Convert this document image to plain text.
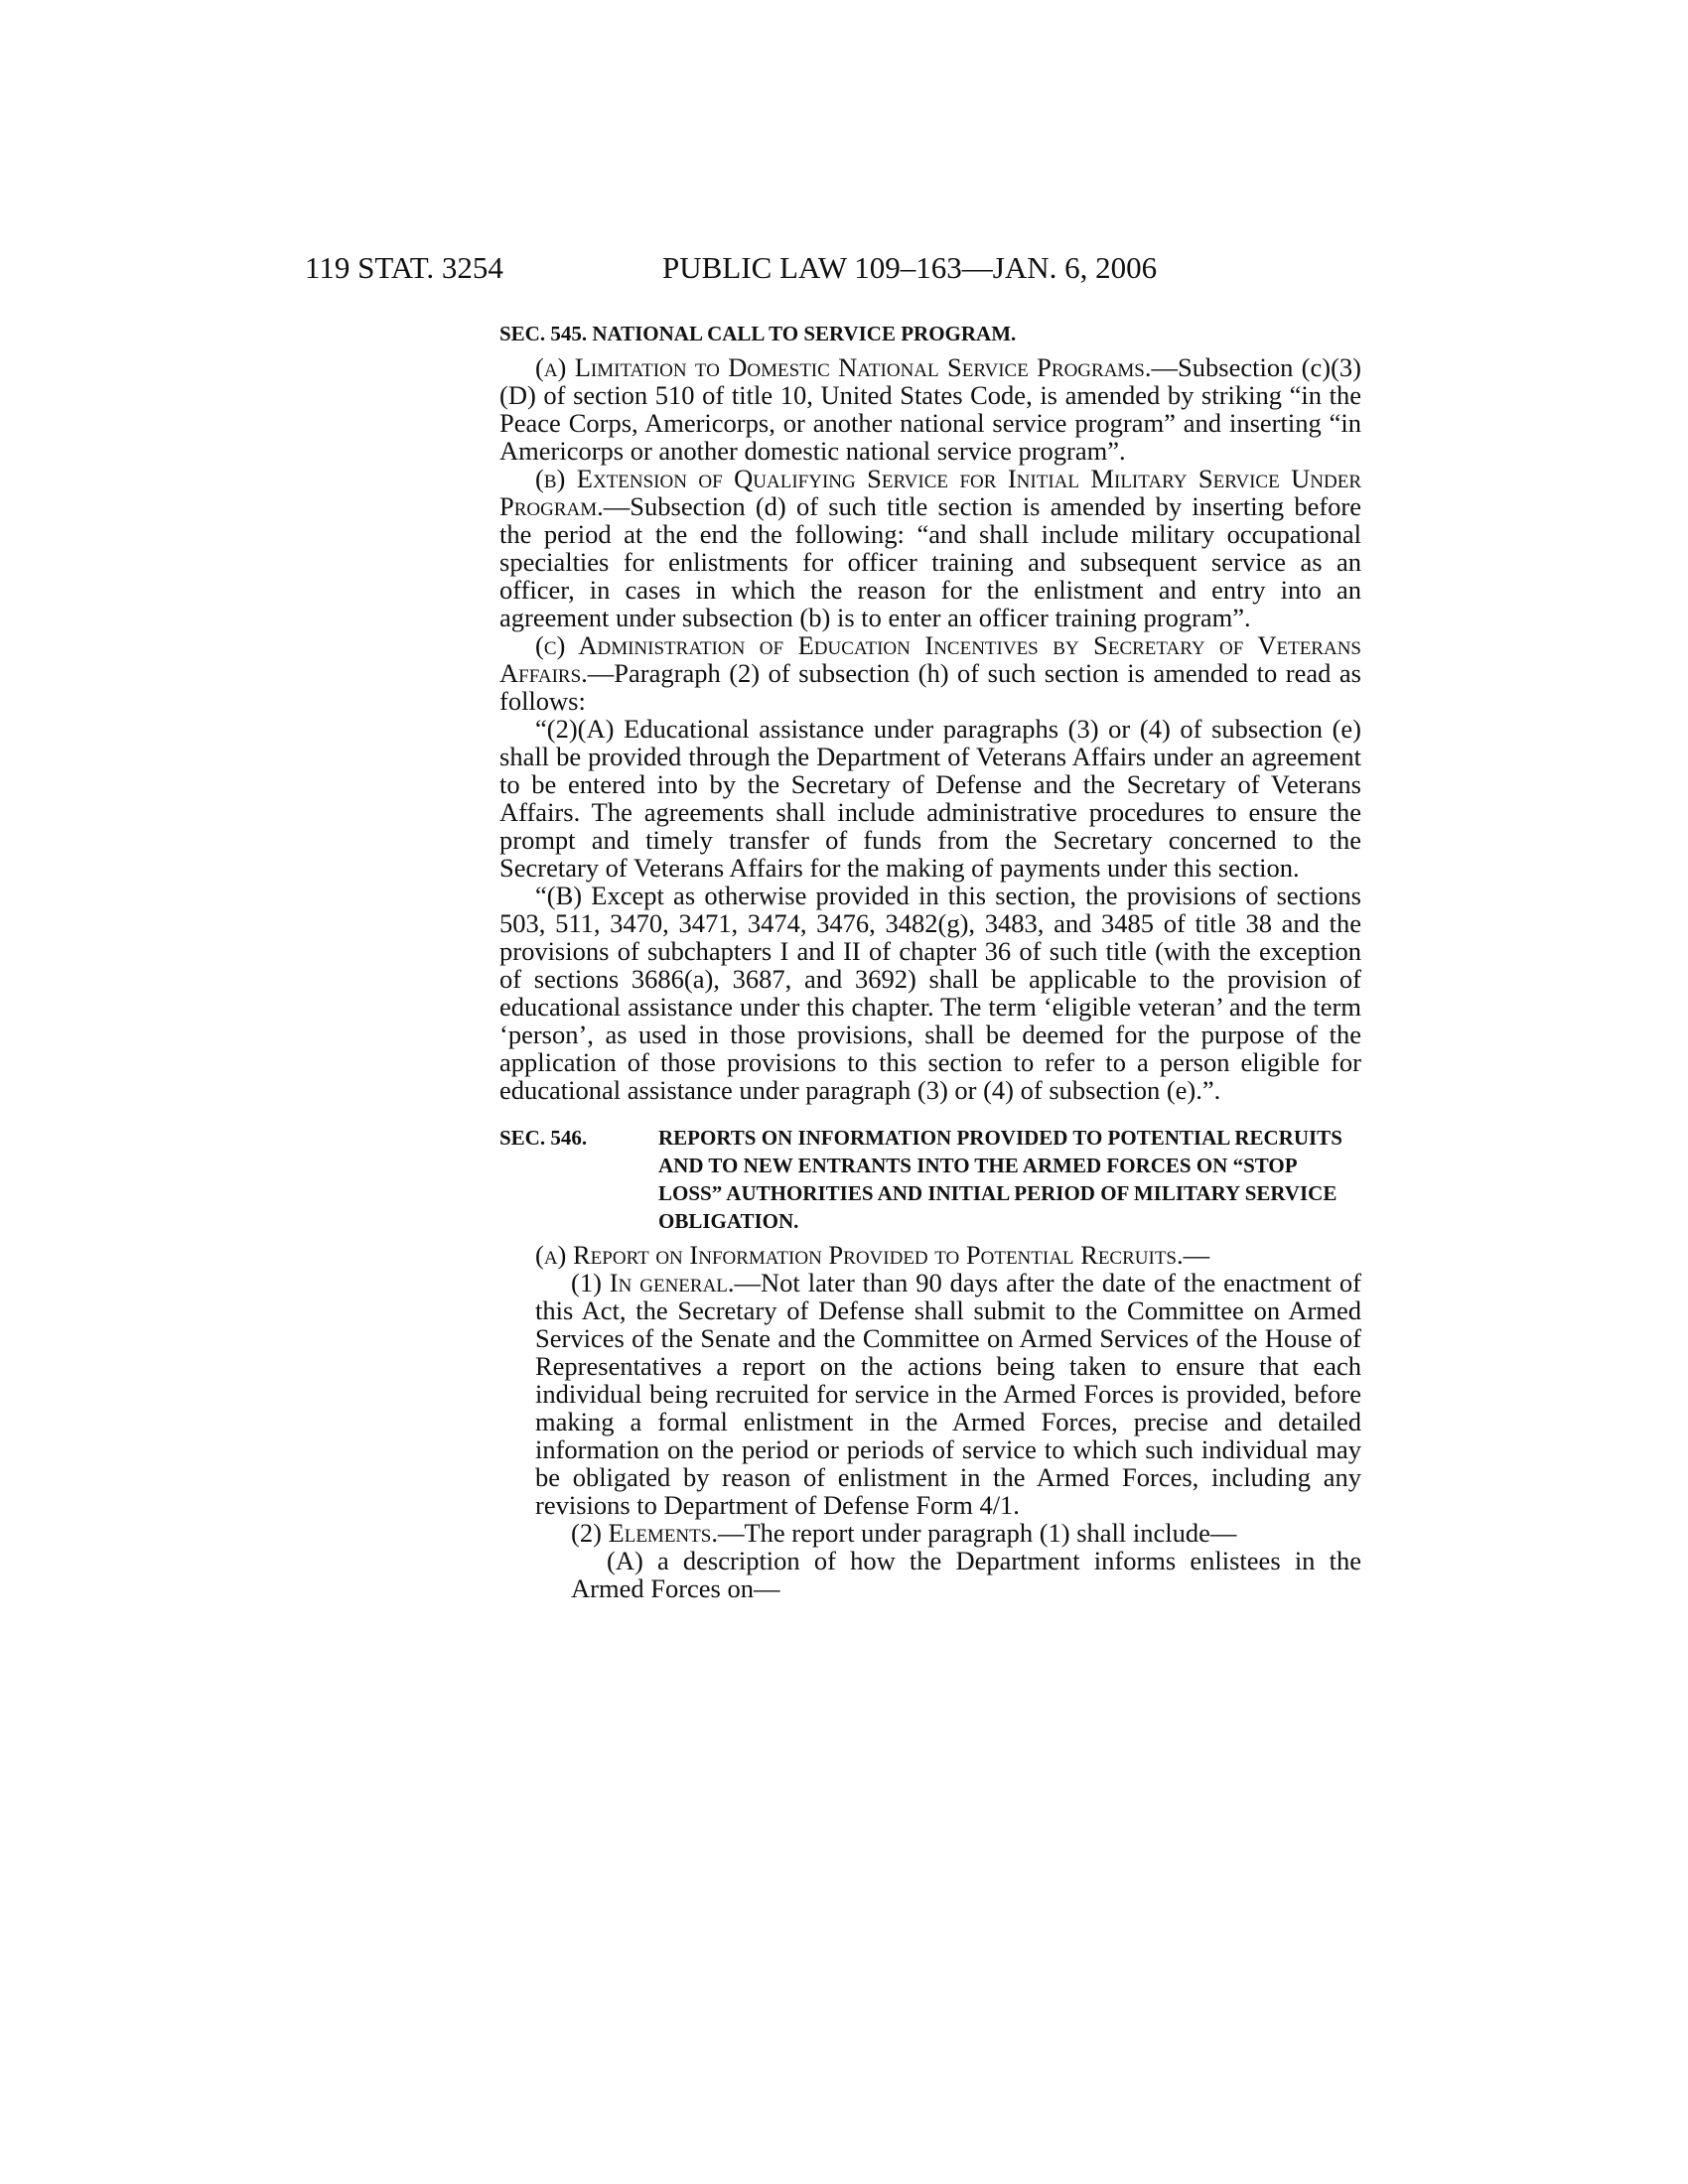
119 STAT. 3254	PUBLIC LAW 109–163—JAN. 6, 2006
SEC. 545. NATIONAL CALL TO SERVICE PROGRAM.

(a) Limitation to Domestic National Service Programs.—Subsection (c)(3)(D) of section 510 of title 10, United States Code, is amended by striking “in the Peace Corps, Americorps, or another national service program” and inserting “in Americorps or another domestic national service program”.

(b) Extension of Qualifying Service for Initial Military Service Under Program.—Subsection (d) of such title section is amended by inserting before the period at the end the following: “and shall include military occupational specialties for enlistments for officer training and subsequent service as an officer, in cases in which the reason for the enlistment and entry into an agreement under subsection (b) is to enter an officer training program”.

(c) Administration of Education Incentives by Secretary of Veterans Affairs.—Paragraph (2) of subsection (h) of such section is amended to read as follows:

“(2)(A) Educational assistance under paragraphs (3) or (4) of subsection (e) shall be provided through the Department of Veterans Affairs under an agreement to be entered into by the Secretary of Defense and the Secretary of Veterans Affairs. The agreements shall include administrative procedures to ensure the prompt and timely transfer of funds from the Secretary concerned to the Secretary of Veterans Affairs for the making of payments under this section.

“(B) Except as otherwise provided in this section, the provisions of sections 503, 511, 3470, 3471, 3474, 3476, 3482(g), 3483, and 3485 of title 38 and the provisions of subchapters I and II of chapter 36 of such title (with the exception of sections 3686(a), 3687, and 3692) shall be applicable to the provision of educational assistance under this chapter. The term ‘eligible veteran’ and the term ‘person’, as used in those provisions, shall be deemed for the purpose of the application of those provisions to this section to refer to a person eligible for educational assistance under paragraph (3) or (4) of subsection (e).”.

SEC. 546.	REPORTS ON INFORMATION PROVIDED TO POTENTIAL RECRUITS AND TO NEW ENTRANTS INTO THE ARMED FORCES ON “STOP LOSS” AUTHORITIES AND INITIAL PERIOD OF MILITARY SERVICE OBLIGATION.

(a) Report on Information Provided to Potential Recruits.—

(1) In general.—Not later than 90 days after the date of the enactment of this Act, the Secretary of Defense shall submit to the Committee on Armed Services of the Senate and the Committee on Armed Services of the House of Representatives a report on the actions being taken to ensure that each individual being recruited for service in the Armed Forces is provided, before making a formal enlistment in the Armed Forces, precise and detailed information on the period or periods of service to which such individual may be obligated by reason of enlistment in the Armed Forces, including any revisions to Department of Defense Form 4/1.

(2) Elements.—The report under paragraph (1) shall include—

(A) a description of how the Department informs enlistees in the Armed Forces on—
